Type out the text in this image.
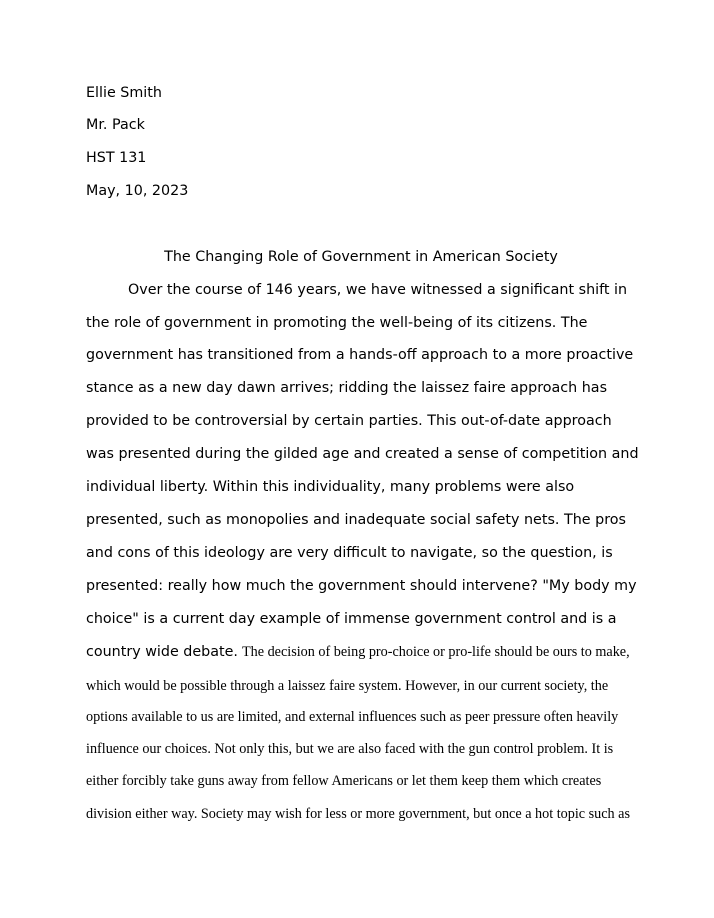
Ellie Smith
Mr. Pack
HST 131
May, 10, 2023
The Changing Role of Government in American Society
Over the course of 146 years, we have witnessed a significant shift in
the role of government in promoting the well-being of its citizens. The
government has transitioned from a hands-off approach to a more proactive
stance as a new day dawn arrives; ridding the laissez faire approach has
provided to be controversial by certain parties. This out-of-date approach
was presented during the gilded age and created a sense of competition and
individual liberty. Within this individuality, many problems were also
presented, such as monopolies and inadequate social safety nets. The pros
and cons of this ideology are very difficult to navigate, so the question, is
presented: really how much the government should intervene? "My body my
choice" is a current day example of immense government control and is a
country wide debate. The decision of being pro-choice or pro-life should be ours to make,
which would be possible through a laissez faire system. However, in our current society, the
options available to us are limited, and external influences such as peer pressure often heavily
influence our choices. Not only this, but we are also faced with the gun control problem. It is
either forcibly take guns away from fellow Americans or let them keep them which creates
division either way. Society may wish for less or more government, but once a hot topic such as
